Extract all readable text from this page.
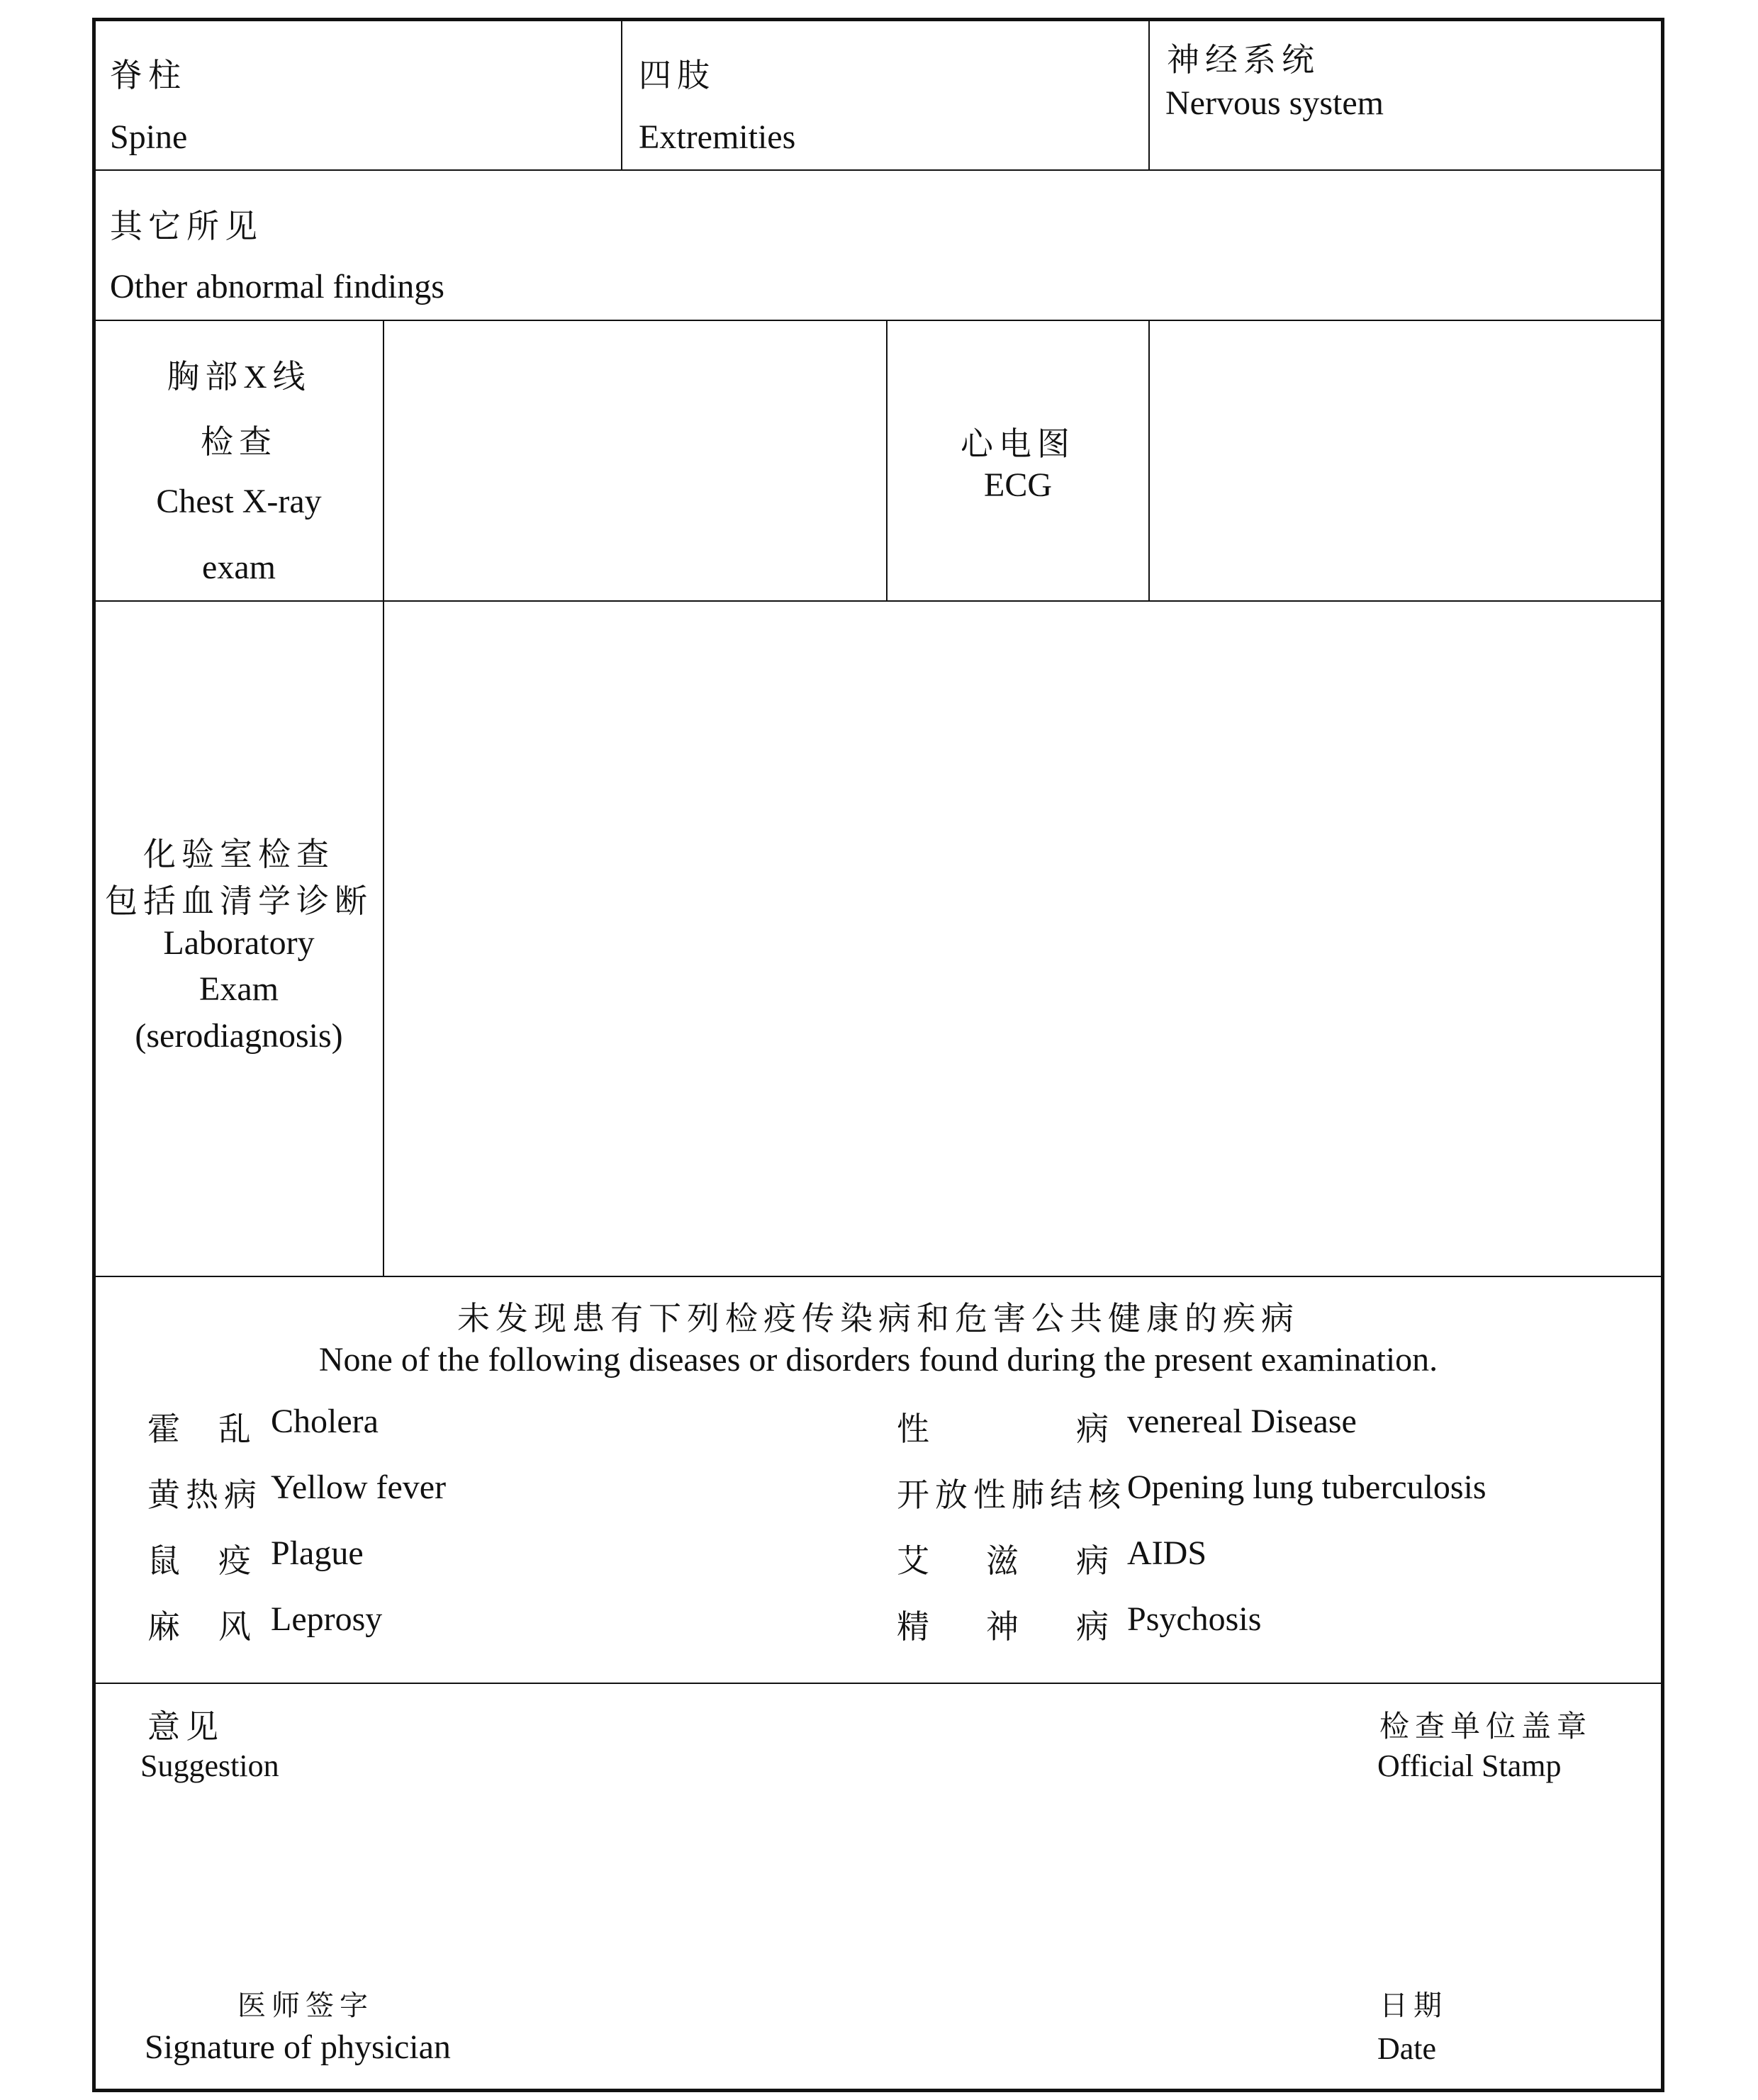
脊柱
Spine
四肢
Extremities
神经系统
Nervous system
其它所见
Other abnormal findings
胸部X线
检查
Chest X-ray
exam
心电图
ECG
化验室检查
包括血清学诊断
Laboratory
Exam
(serodiagnosis)
未发现患有下列检疫传染病和危害公共健康的疾病
None of the following diseases or disorders found during the present examination.
霍 乱 Cholera
黄热病 Yellow fever
鼠 疫 Plague
麻 风 Leprosy
性	病 venereal Disease
开放性肺结核 Opening lung tuberculosis
艾 滋 病 AIDS
精 神 病 Psychosis
意见
Suggestion
检查单位盖章
Official Stamp
医师签字
Signature of physician
日期
Date
